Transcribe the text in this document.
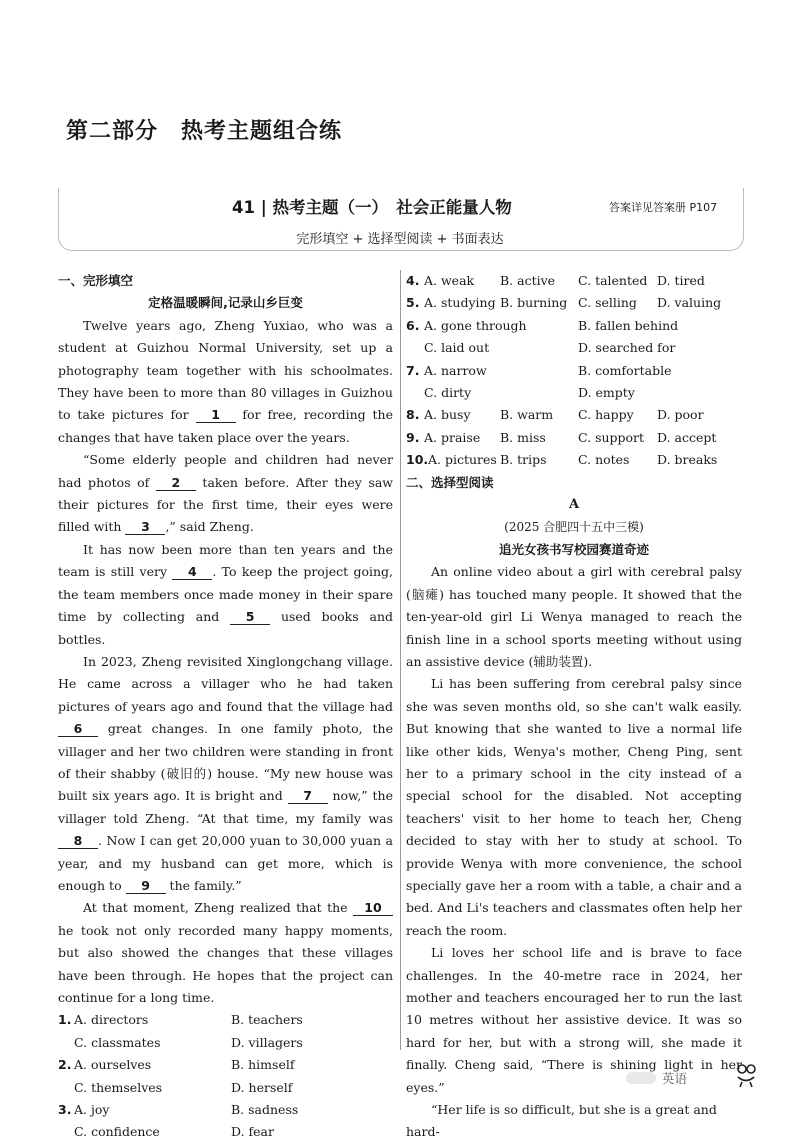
第二部分　热考主题组合练
41 | 热考主题（一）　社会正能量人物	答案详见答案册 P107
完形填空 + 选择型阅读 + 书面表达
一、完形填空
定格温暖瞬间,记录山乡巨变

Twelve years ago, Zheng Yuxiao, who was a student at Guizhou Normal University, set up a photography team together with his schoolmates. They have been to more than 80 villages in Guizhou to take pictures for 1 for free, recording the changes that have taken place over the years.

“Some elderly people and children had never had photos of 2 taken before. After they saw their pictures for the first time, their eyes were filled with 3 ,” said Zheng.

It has now been more than ten years and the team is still very 4 . To keep the project going, the team members once made money in their spare time by collecting and 5 used books and bottles.

In 2023, Zheng revisited Xinglongchang village. He came across a villager who he had taken pictures of years ago and found that the village had 6 great changes. In one family photo, the villager and her two children were standing in front of their shabby (破旧的) house. “My new house was built six years ago. It is bright and 7 now,” the villager told Zheng. “At that time, my family was 8 . Now I can get 20,000 yuan to 30,000 yuan a year, and my husband can get more, which is enough to 9 the family.”

At that moment, Zheng realized that the 10 he took not only recorded many happy moments, but also showed the changes that these villages have been through. He hopes that the project can continue for a long time.

1. A. directors	B. teachers
C. classmates	D. villagers
2. A. ourselves	B. himself
C. themselves	D. herself
3. A. joy	B. sadness
C. confidence	D. fear
4. A. weak	B. active	C. talented D. tired
5. A. studying B. burning C. selling	D. valuing
6. A. gone through	B. fallen behind
C. laid out	D. searched for
7. A. narrow	B. comfortable
C. dirty	D. empty
8. A. busy	B. warm	C. happy	D. poor
9. A. praise	B. miss	C. support	D. accept
10. A. pictures B. trips	C. notes	D. breaks
二、选择型阅读
A
(2025 合肥四十五中三模)
追光女孩书写校园赛道奇迹

An online video about a girl with cerebral palsy (脑瘫) has touched many people. It showed that the ten-year-old girl Li Wenya managed to reach the finish line in a school sports meeting without using an assistive device (辅助装置).

Li has been suffering from cerebral palsy since she was seven months old, so she can't walk easily. But knowing that she wanted to live a normal life like other kids, Wenya's mother, Cheng Ping, sent her to a primary school in the city instead of a special school for the disabled. Not accepting teachers' visit to her home to teach her, Cheng decided to stay with her to study at school. To provide Wenya with more convenience, the school specially gave her a room with a table, a chair and a bed. And Li's teachers and classmates often help her reach the room.

Li loves her school life and is brave to face challenges. In the 40-metre race in 2024, her mother and teachers encouraged her to run the last 10 metres without her assistive device. It was so hard for her, but with a strong will, she made it finally. Cheng said, “There is shining light in her eyes.”

“Her life is so difficult, but she is a great and hard-

英语
